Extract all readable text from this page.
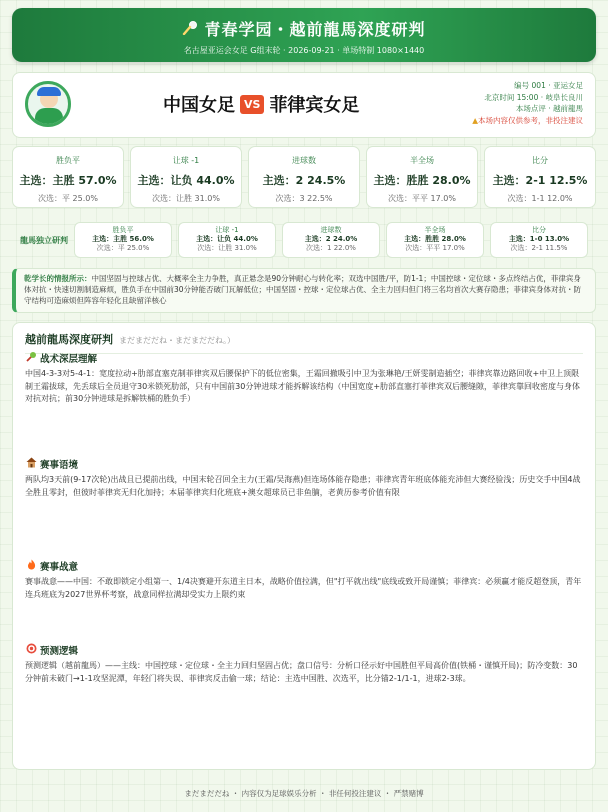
青春学园・越前龍馬深度研判
名古屋亚运会女足 G组末轮 · 2026-09-21 · 单场特制 1080×1440
中国女足 VS 菲律宾女足
编号 001 · 亚运女足
北京时间 15:00 · 岐阜长良川
本场点评 · 越前龍馬
▲本场内容仅供参考，非投注建议
胜负平
主选：主胜 57.0%
次选：平 25.0%
让球 -1
主选：让负 44.0%
次选：让胜 31.0%
进球数
主选：2 24.5%
次选：3 22.5%
半全场
主选：胜胜 28.0%
次选：平平 17.0%
比分
主选：2-1 12.5%
次选：1-1 12.0%
龍馬独立研判
胜负平
主选：主胜 56.0%
次选：平 25.0%
让球 -1
主选：让负 44.0%
次选：让胜 31.0%
进球数
主选：2 24.0%
次选：1 22.0%
半全场
主选：胜胜 28.0%
次选：平平 17.0%
比分
主选：1-0 13.0%
次选：2-1 11.5%
乾学长的情报所示：中国坚固与控球占优、大概率全主力争胜，真正悬念是90分钟耐心与转化率；双选中国胜/平，防1-1；中国控球・定位球・多点终结占优，菲律宾身体对抗・快速切割制造麻烦，胜负手在中国前30分钟能否破门瓦解低位；中国坚固・控球・定位球占优、全主力回归但门将三名均首次大赛存隐患；菲律宾身体对抗・防守结构可造麻烦但阵容年轻化且缺留洋核心
越前龍馬深度研判 まだまだだね・まだまだだね。）
战术深层理解
中国4-3-3对5-4-1：宽度拉动+肋部直塞克制菲律宾双后腰保护下的低位密集，王霜回撤吸引中卫为张琳艳/王妍雯制造插空；菲律宾靠边路回收+中卫上顶限制王霜拔球，先丢球后全员退守30米锁死肋部，只有中国前30分钟进球才能拆解该结构（中国宽度+肋部直塞打菲律宾双后腰缝隙，菲律宾靠回收密度与身体对抗对抗；前30分钟进球是拆解铁桶的胜负手）
赛事语境
两队均3天前(9-17次轮)出战且已提前出线，中国末轮召回全主力(王霜/吴海燕)但连场体能存隐患；菲律宾青年班底体能充沛但大赛经验浅；历史交手中国4战全胜且零封，但彼时菲律宾无归化加持；本届菲律宾归化班底+澳女超球员已非鱼腩，老黄历参考价值有限
赛事战意
赛事战意——中国：不敢即锁定小组第一、1/4决赛避开东道主日本，战略价值拉满，但"打平就出线"底线或致开局谨慎；菲律宾：必须赢才能反超登顶，青年连兵班底为2027世界杯考察，战意同样拉满却受实力上限约束
预测逻辑
预测逻辑（越前龍馬）——主线：中国控球・定位球・全主力回归坚固占优；盘口信号：分析口径示好中国胜但平局高价值(铁桶・谨慎开局)；防冷变数：30分钟前未破门→1-1攻坚泥潭，年轻门将失误、菲律宾反击偷一球；结论：主选中国胜、次选平，比分锚2-1/1-1，进球2-3球。
まだまだだね ・ 内容仅为足球娱乐分析 ・ 非任何投注建议 ・ 严禁赌博
